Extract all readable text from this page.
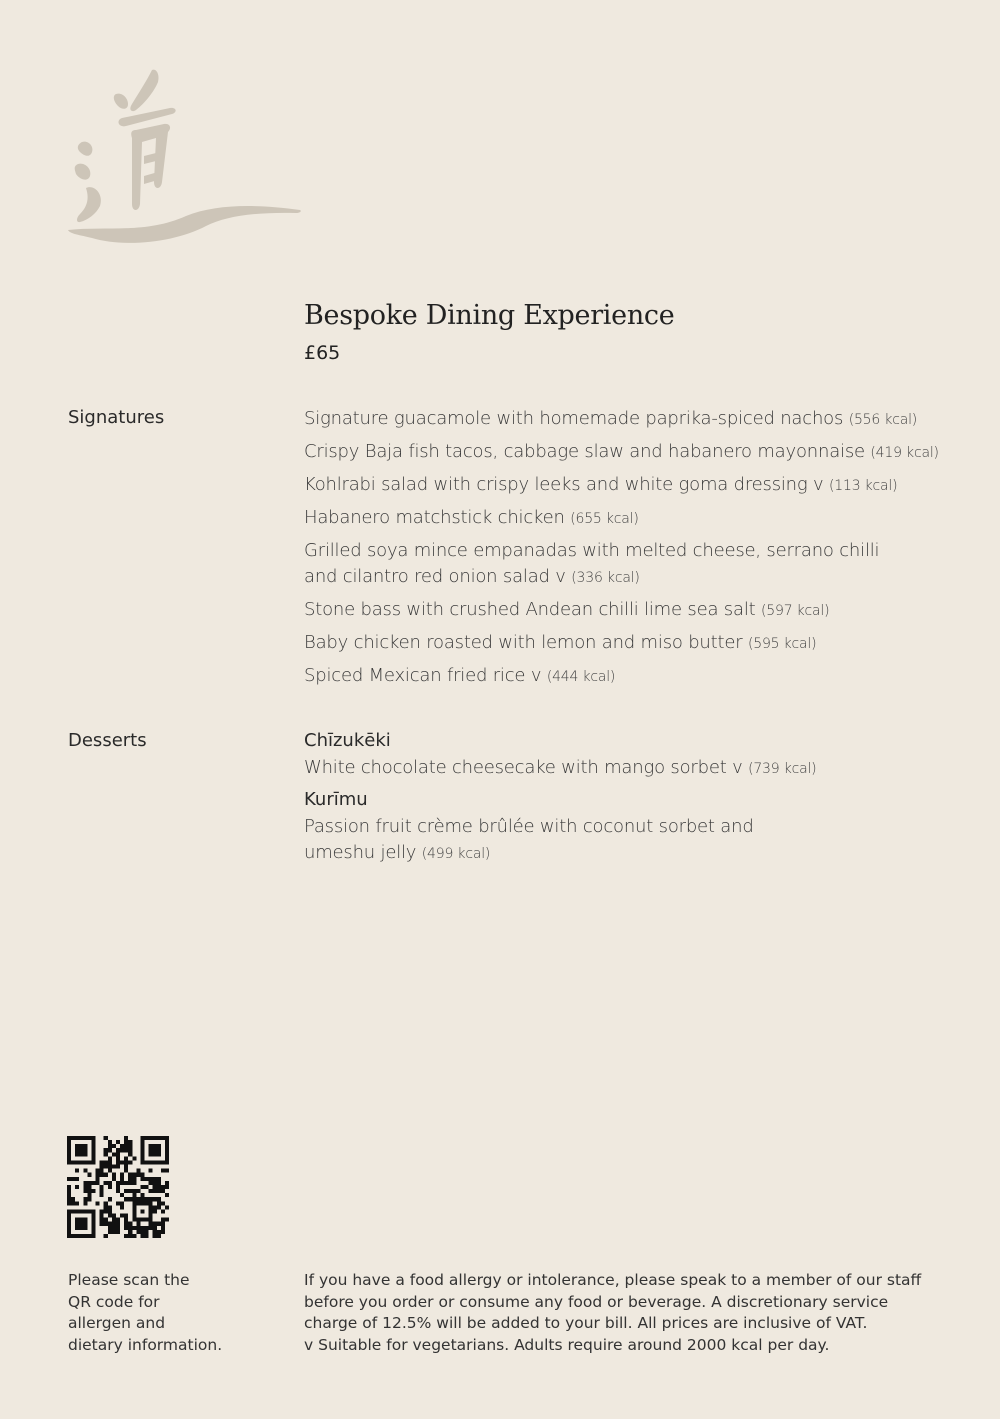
Bespoke Dining Experience
£65
Signatures	Signature guacamole with homemade paprika-spiced nachos (556 kcal)
Crispy Baja fish tacos, cabbage slaw and habanero mayonnaise (419 kcal)
Kohlrabi salad with crispy leeks and white goma dressing v (113 kcal)
Habanero matchstick chicken (655 kcal)
Grilled soya mince empanadas with melted cheese, serrano chilli
and cilantro red onion salad v (336 kcal)
Stone bass with crushed Andean chilli lime sea salt (597 kcal)
Baby chicken roasted with lemon and miso butter (595 kcal)
Spiced Mexican fried rice v (444 kcal)
Desserts	Chīzukēki
White chocolate cheesecake with mango sorbet v (739 kcal)
Kurīmu
Passion fruit crème brûlée with coconut sorbet and
umeshu jelly (499 kcal)
Please scan the
QR code for
allergen and
dietary information.
If you have a food allergy or intolerance, please speak to a member of our staff
before you order or consume any food or beverage. A discretionary service
charge of 12.5% will be added to your bill. All prices are inclusive of VAT.
v Suitable for vegetarians. Adults require around 2000 kcal per day.
